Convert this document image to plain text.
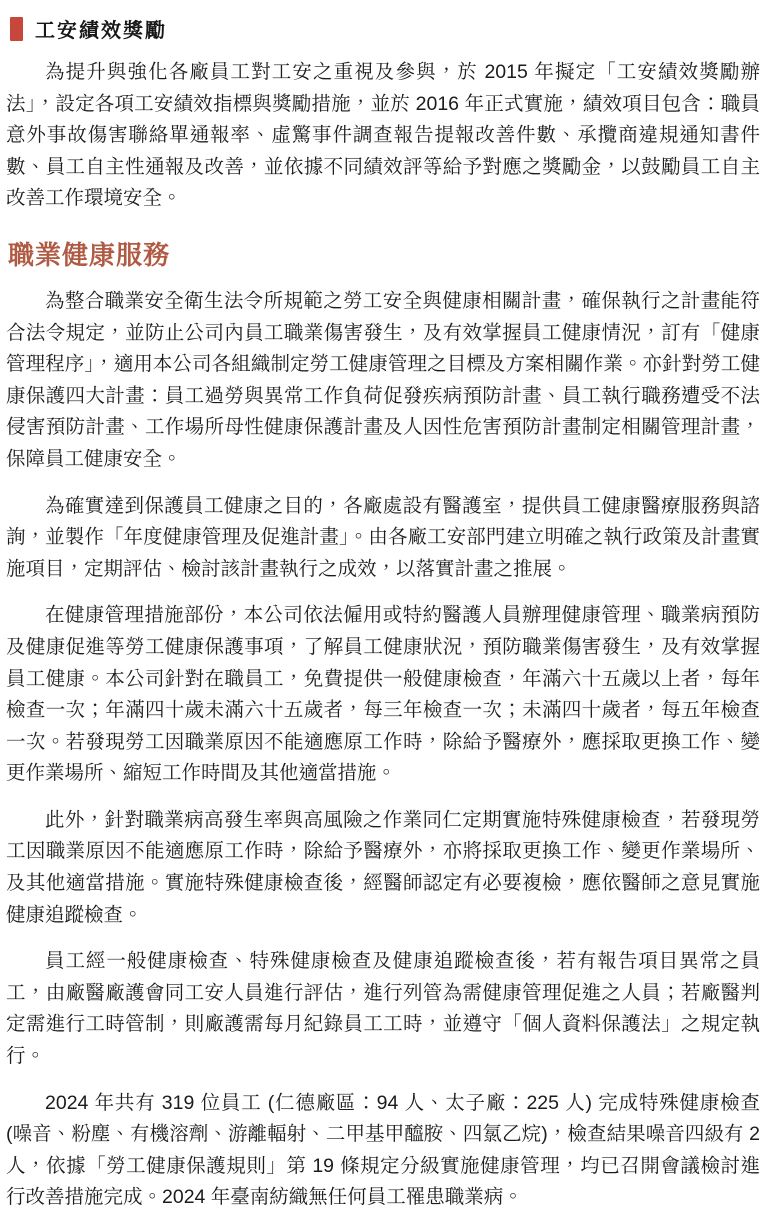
工安績效獎勵

為提升與強化各廠員工對工安之重視及參與，於 2015 年擬定「工安績效獎勵辦法」，設定各項工安績效指標與獎勵措施，並於 2016 年正式實施，績效項目包含：職員意外事故傷害聯絡單通報率、虛驚事件調查報告提報改善件數、承攬商違規通知書件數、員工自主性通報及改善，並依據不同績效評等給予對應之獎勵金，以鼓勵員工自主改善工作環境安全。

職業健康服務

為整合職業安全衛生法令所規範之勞工安全與健康相關計畫，確保執行之計畫能符合法令規定，並防止公司內員工職業傷害發生，及有效掌握員工健康情況，訂有「健康管理程序」，適用本公司各組織制定勞工健康管理之目標及方案相關作業。亦針對勞工健康保護四大計畫：員工過勞與異常工作負荷促發疾病預防計畫、員工執行職務遭受不法侵害預防計畫、工作場所母性健康保護計畫及人因性危害預防計畫制定相關管理計畫，保障員工健康安全。

為確實達到保護員工健康之目的，各廠處設有醫護室，提供員工健康醫療服務與諮詢，並製作「年度健康管理及促進計畫」。由各廠工安部門建立明確之執行政策及計畫實施項目，定期評估、檢討該計畫執行之成效，以落實計畫之推展。

在健康管理措施部份，本公司依法僱用或特約醫護人員辦理健康管理、職業病預防及健康促進等勞工健康保護事項，了解員工健康狀況，預防職業傷害發生，及有效掌握員工健康。本公司針對在職員工，免費提供一般健康檢查，年滿六十五歲以上者，每年檢查一次；年滿四十歲未滿六十五歲者，每三年檢查一次；未滿四十歲者，每五年檢查一次。若發現勞工因職業原因不能適應原工作時，除給予醫療外，應採取更換工作、變更作業場所、縮短工作時間及其他適當措施。

此外，針對職業病高發生率與高風險之作業同仁定期實施特殊健康檢查，若發現勞工因職業原因不能適應原工作時，除給予醫療外，亦將採取更換工作、變更作業場所、及其他適當措施。實施特殊健康檢查後，經醫師認定有必要複檢，應依醫師之意見實施健康追蹤檢查。

員工經一般健康檢查、特殊健康檢查及健康追蹤檢查後，若有報告項目異常之員工，由廠醫廠護會同工安人員進行評估，進行列管為需健康管理促進之人員；若廠醫判定需進行工時管制，則廠護需每月紀錄員工工時，並遵守「個人資料保護法」之規定執行。

2024 年共有 319 位員工 (仁德廠區：94 人、太子廠：225 人) 完成特殊健康檢查 (噪音、粉塵、有機溶劑、游離輻射、二甲基甲醯胺、四氯乙烷)，檢查結果噪音四級有 2 人，依據「勞工健康保護規則」第 19 條規定分級實施健康管理，均已召開會議檢討進行改善措施完成。2024 年臺南紡織無任何員工罹患職業病。
